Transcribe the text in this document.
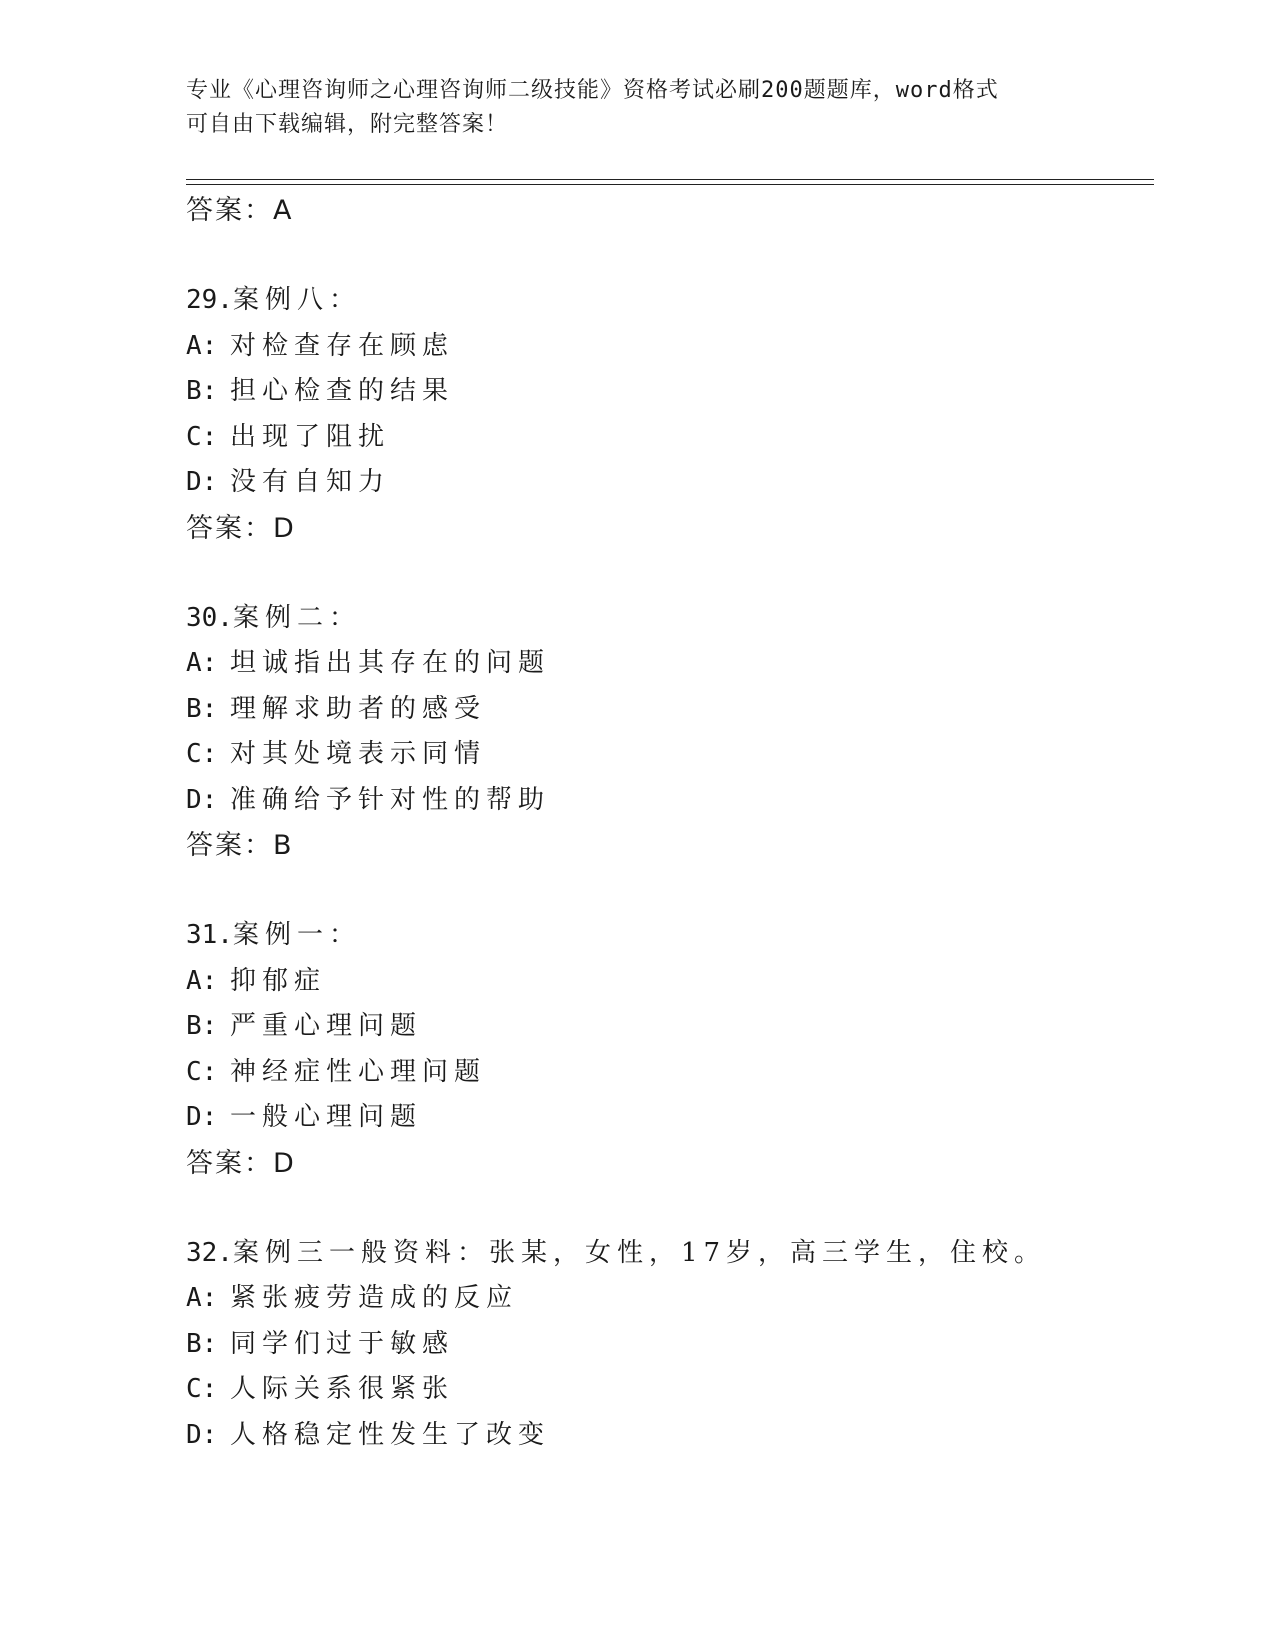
专业《心理咨询师之心理咨询师二级技能》资格考试必刷200题题库，word格式
可自由下载编辑，附完整答案！
答案：A
29.案例八：
A: 对检查存在顾虑
B: 担心检查的结果
C: 出现了阻扰
D: 没有自知力
答案：D
30.案例二：
A: 坦诚指出其存在的问题
B: 理解求助者的感受
C: 对其处境表示同情
D: 准确给予针对性的帮助
答案：B
31.案例一：
A: 抑郁症
B: 严重心理问题
C: 神经症性心理问题
D: 一般心理问题
答案：D
32.案例三一般资料：张某，女性，17岁，高三学生，住校。
A: 紧张疲劳造成的反应
B: 同学们过于敏感
C: 人际关系很紧张
D: 人格稳定性发生了改变
